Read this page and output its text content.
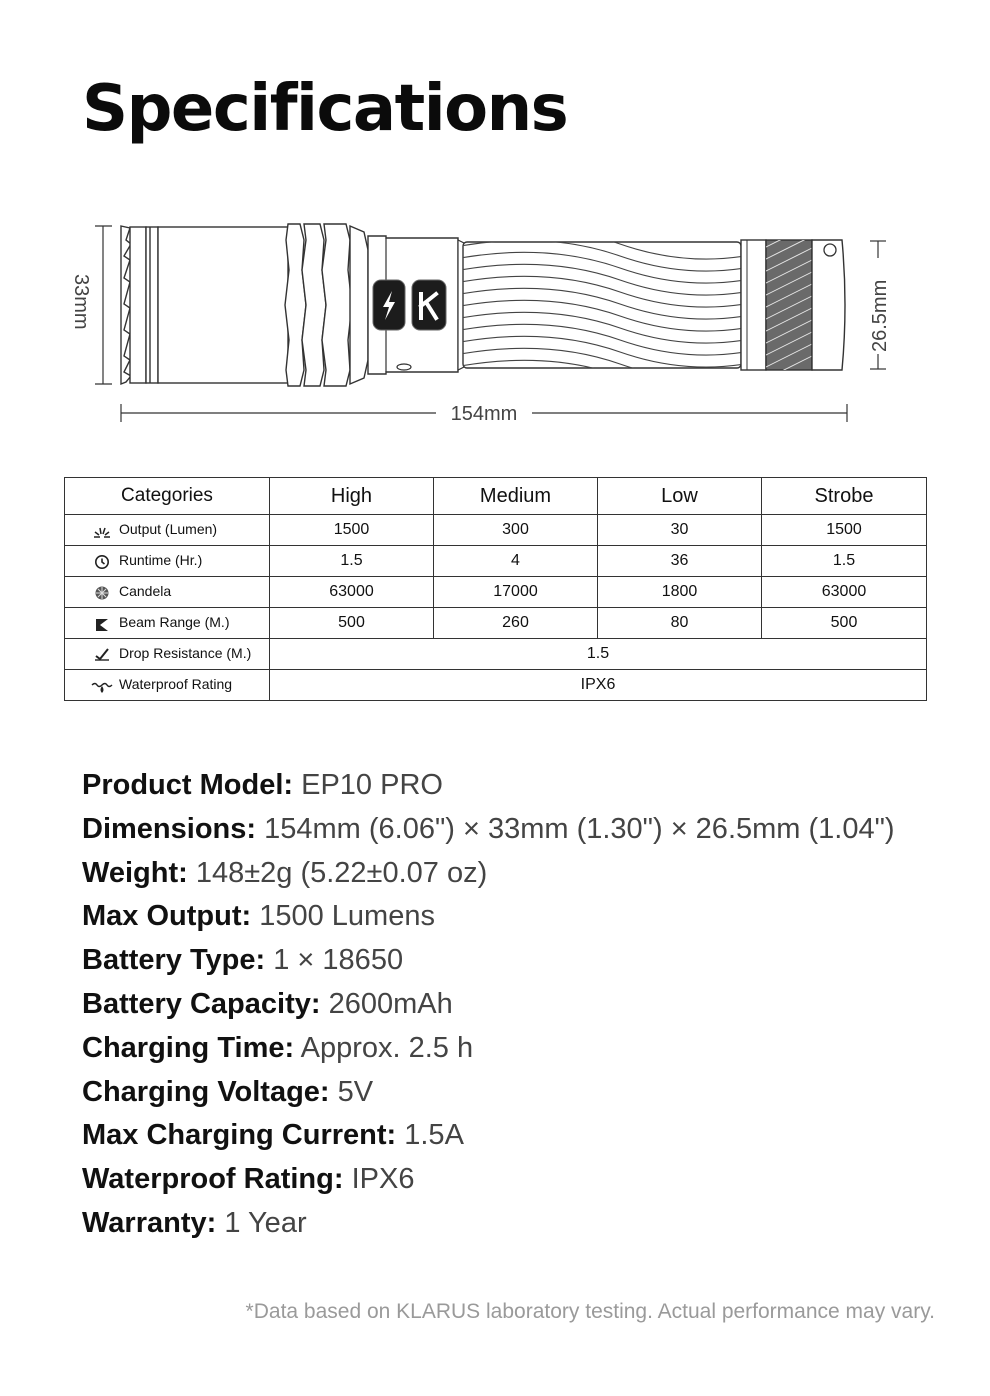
Specifications
33mm	26.5mm
154mm
Categories	High	Medium	Low	Strobe
Output (Lumen)	1500	300	30	1500
Runtime (Hr.)	1.5	4	36	1.5
Candela	63000	17000	1800	63000
Beam Range (M.)	500	260	80	500
Drop Resistance (M.)	1.5			
Waterproof Rating	IPX6			
Product Model: EP10 PRO
Dimensions: 154mm (6.06") × 33mm (1.30") × 26.5mm (1.04")
Weight: 148±2g (5.22±0.07 oz)
Max Output: 1500 Lumens
Battery Type: 1 × 18650
Battery Capacity: 2600mAh
Charging Time: Approx. 2.5 h
Charging Voltage: 5V
Max Charging Current: 1.5A
Waterproof Rating: IPX6
Warranty: 1 Year
*Data based on KLARUS laboratory testing. Actual performance may vary.
